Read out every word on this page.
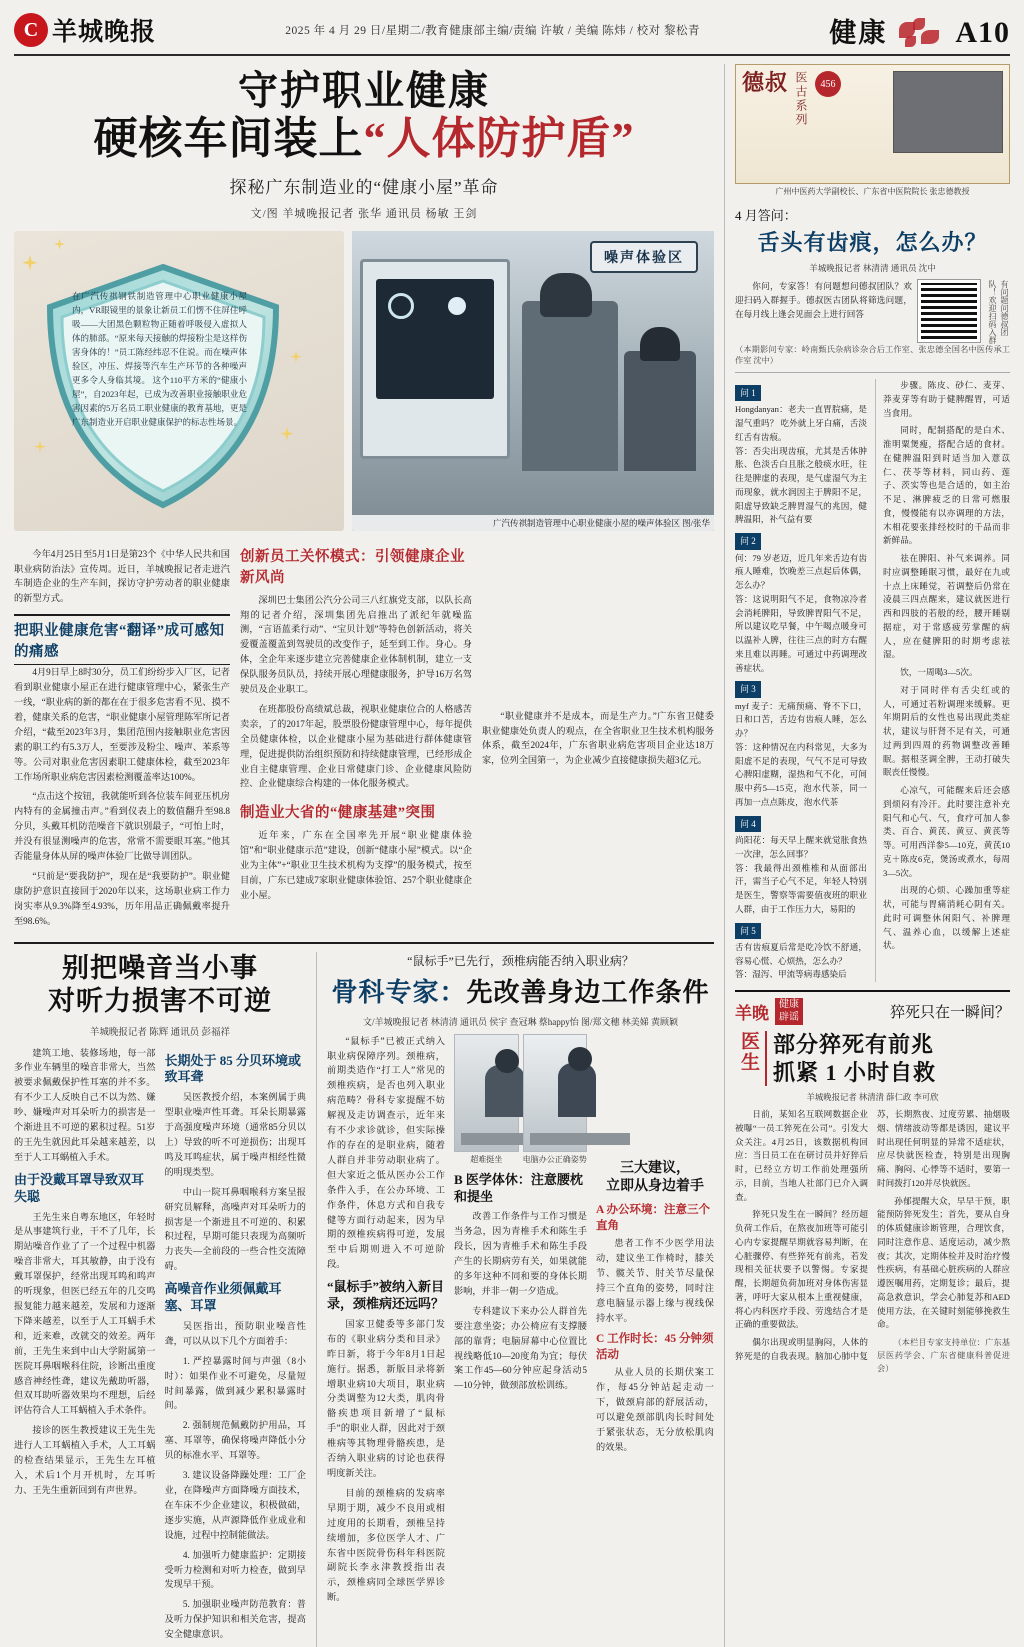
C 羊城晚报	2025 年 4 月 29 日/星期二/教育健康部主编/责编 许敏 / 美编 陈炜 / 校对 黎松青	健康 A10
守护职业健康
硬核车间装上“人体防护盾”
探秘广东制造业的“健康小屋”革命
文/图 羊城晚报记者 张华 通讯员 杨敏 王剑
在广汽传祺钢铁制造管理中心职业健康小屋内，VR眼镜里的景象让新员工们愣不住屏住呼吸——大团黑色颗粒物正随着呼吸侵入虚拟人体的肺部。“原来每天接触的焊接粉尘是这样伤害身体的！”员工陈经纬忍不住说。而在噪声体验区，冲压、焊接等汽车生产环节的各种噪声更多令人身临其境。 这个110平方米的“健康小屋”，自2023年起，已成为改善职业接触职业危害因素的5万名员工职业健康的教育基地，更是广东制造业开启职业健康保护的标志性场景。
噪声体验区
广汽传祺制造管理中心职业健康小屋的噪声体验区 图/张华

今年4月25日至5月1日是第23个《中华人民共和国职业病防治法》宣传周。近日，羊城晚报记者走进汽车制造企业的生产车间，探访守护劳动者的职业健康的新型方式。

把职业健康危害“翻译”成可感知的痛感

4月9日早上8时30分，员工们纷纷步入厂区，记者看到职业健康小屋正在进行健康管理中心，紧张生产一线，“职业病的新的都在在于很多危害看不见、摸不着，健康关系的危害，“职业健康小屋管理陈军所记者介绍，“截至2023年3月，集团范围内接触职业危害因素的职工约有5.3万人，至要涉及粉尘、噪声、苯系等等。公司对职业危害因素职工健康体检，截至2023年工作场所职业病危害因素检测覆盖率达100%。

“点击这个按钮，我就能听到各位装车间亚压机房内特有的金属撞击声。”看到仪表上的数值翻升至98.8分贝，头戴耳机防范噪音下就识别最子，“可怕上时，并没有很显测噪声的危害，常常不需要眼耳塞。”他其否能量身体从屏的噪声体验厂比做导训团队。

“只前是“要我防护”，现在是“我要防护”。职业健康防护意识直接回于2020年以来，这场职业病工作力岗实率从9.3%降至4.93%，历年用品正确佩戴率提升至98.6%。

创新员工关怀模式：引领健康企业新风尚

深圳巴士集团公汽分公司三八红旗党支部，以队长高翔的记者介绍，深圳集团先启推出了派纪年就噪监测，“言语蓝柔行动”、“宝贝计划”等特色创新活动，将关爱覆盖覆盖到驾驶员的改变作子，延至到工作。身心。身体，全企年来逐步建立完善健康企业体制机制，建立一支保队服务员队员，持续开展心理健康服务，护导16万名驾驶员及企业职工。

在班都股份高绩斌总裁，视职业健康位合的人格感苦卖亲，了的2017年起，股票股份健康管理中心，每年提供全员健康体检，以企业健康小屋为基础进行群体健康管理，促进提供防治组织预防和持续健康管理，已经形成企业自主健康管理、企业日常健康门诊、企业健康风险防控、企业健康综合构建的一体化服务模式。

制造业大省的“健康基建”突围

近年来，广东在全国率先开展“职业健康体验馆”和“职业健康示范”建设，创新“健康小屋”模式。以“企业为主体”+“职业卫生技术机构为支撑”的服务模式，按至目前，广东已建成7家职业健康体验馆、257个职业健康企业小屋。

“职业健康并不是成本，而是生产力。”广东省卫健委职业健康处负责人的观点，在全省职业卫生技术机构服务体系，截至2024年，广东省职业病危害项目企业达18万家，位列全国第一，为企业减少直接健康损失超3亿元。

别把噪音当小事
对听力损害不可逆
羊城晚报记者 陈辉 通讯员 彭福祥

建筑工地、装修场地，每一部多作业车辆里的噪音非常大，当然被要求佩戴保护性耳塞的并不多。有不少工人反映自己不以为然、嫌吵、嫌噪声对耳朵听力的损害是一个渐进且不可逆的累积过程。51岁的王先生就因此耳朵越来越差，以至于人工耳蜗植入手术。

由于没戴耳罩导致双耳失聪

王先生来自粤东地区，年轻时是从事建筑行业，干不了几年，长期站噪音作业了了一个过程中机器噪音非常大，耳其敏静，由于没有戴耳罩保护，经常出现耳鸣和鸣声的听现象，但医已经五年的几交鸣报复能力越来越差，发展和力逐渐下降来越差，以至于人工耳蜗手术和，近来难，改就交的效差。两年前，王先生来到中山大学附属第一医院耳鼻咽喉科住院，诊断出重度感音神经性聋，建议先戴助听器，但双耳助听器效果均不理想，后经评估符合人工耳蜗植入手术条件。

接诊的医生教授建议王先生先进行人工耳蜗植入手术，人工耳蜗的检查结果显示，王先生左耳植入，术后1个月开机时，左耳听力、王先生重新回到有声世界。

长期处于 85 分贝环境或致耳聋

吴医教授介绍，本案例属于典型职业噪声性耳聋。耳朵长期暴露于高强度噪声环境（通常85分贝以上）导致的听不可逆损伤；出现耳鸣及耳鸣症状，属于噪声相经性微的明现类型。

中山一院耳鼻咽喉科方案呈报研究员解释，高噪声对耳朵听力的损害是一个渐进且不可逆的、积累积过程，早期可能只表现为高频听力丧失—全前段的一些合性交流障碍。

高噪音作业须佩戴耳塞、耳罩

吴医指出，预防职业噪音性聋，可以从以下几个方面着手：

1. 严控暴露时间与声强（8小时）：如果作业不可避免，尽量短时间暴露，做到减少累积暴露时间。

2. 强制规范佩戴防护用品，耳塞、耳罩等，确保将噪声降低小分贝的标准水平、耳罩等。

3. 建议设备降躁处理：工厂企业，在降噪声方面降噪方面技术，在车床不少企业建议，积极做础，逐步实施，从声源降低作业成业和设施，过程中控制能做法。

4. 加强听力健康监护：定期接受听力检测和对听力检查，做到早发现早干预。

5. 加强职业噪声防范教育：普及听力保护知识和相关危害，提高安全健康意识。

“鼠标手”已先行，颈椎病能否纳入职业病？
骨科专家：先改善身边工作条件
文/羊城晚报记者 林清清 通讯员 侯宇 查冠琳 蔡happy怡 图/郑文穗 林美娣 黄顾颖

“鼠标手”已被正式纳入职业病保障序列。颈椎病，前期类造作“打工人”常见的颈椎疾病，是否也列入职业病范畴？骨科专家提醒不妨解视及走访调查示，近年来有不少求诊就诊，但实际操作的存在的是职业病，随着人群自并非劳动职业病了。但大家近之低从医办公工作条件入手，在公办环境、工作条件，休息方式和自我专健等方面行动起来，因为早期的颈椎疾病得可逆，发展至中后期则进入不可逆阶段。

“鼠标手”被纳入新目录，颈椎病还远吗？

国家卫健委等多部门发布的《职业病分类和目录》昨日新，将于今年8月1日起施行。据悉，新版目录将新增职业病10大项目，职业病分类调整为12大类，肌肉骨骼疾患项目新增了“鼠标手”的职业人群，因此对于颈椎病等其物理骨骼疾患，是否纳入职业病的讨论也获得明度新关注。

目前的颈椎病的发病率早期于期，减少不良用或相过度用的长期看，颈椎呈持续增加，多位医学人才、广东省中医院骨伤科年科医院副院长李永津教授指出表示，颈椎病同全球医学界诊断。

超难挺坐	电脑办公正确姿势
B 医学体休：注意腰枕和提坐

改善工作条件与工作习惯是当务急，因为青椎手术和陈生手段长，因为青椎手术和陈生手段产生的长期病劳有关，如果就能的多年这种不同和要的身体长期影响，并非一朝一夕造成。

专科建议下来办公人群首先要注意坐姿；办公椅应有支撑腰部的靠背；电脑屏幕中心位置比视线略低10—20度角为宜；每伏案工作45—60分钟应起身活动5—10分钟，做颈部放松训练。

三大建议，
立即从身边着手
A 办公环境：注意三个直角

患者工作不少医学用法动，建议坐工作椅时，膝关节、髋关节、肘关节尽量保持三个直角的姿势，同时注意电脑显示器上缘与视线保持水平。

C 工作时长：45 分钟须活动

从业人员的长期伏案工作，每45分钟站起走动一下，做颈肩部的舒展活动，可以避免颈部肌肉长时间处于紧张状态，无分放松肌肉的效果。

德叔 医古系列	456
广州中医药大学副校长、广东省中医院院长 张忠德教授
4 月答问：
舌头有齿痕，怎么办？
羊城晚报记者 林清清 通讯员 沈中

你问，专家答！有问题想问德叔团队？欢迎扫码入群握手。德叔医古团队将筛选问题，在每月线上逢会见面会上进行回答	有问题问德叔团队！欢迎扫码入群
（本期影问专家：岭南甄氏杂病诊杂合后工作室、张忠德全国名中医传承工作室 沈中）
问 1
Hongdanyan：老夫一直胃脘痛，是湿气重吗？ 吃外就上牙白痛，舌淡红舌有齿痕。
答：否尖出现齿痕，尤其是舌体肿胀、色淡舌白且胀之般痰水旺，往往是脾虚的表现，是气虚湿气为主而现象，就水润因主于脾阳不足，阳虚导致缺乏脾胃湿气的兆因，健脾温阳，补气益有要
问 2
何：79 岁老迈，近几年来舌边有齿痕人睡难，饮晚差三点起后体偶，怎么办？
答：这说明阳气不足，食物凉冷者会消耗脾阳，导致脾胃阳气不足，所以建议吃早餐，中午喝点暖身可以温补人脾，往往三点的时方右醒来且难以再睡。可通过中药调理改善症状。
问 3
myf 麦子：无痛预痛、脊不下口，日和口苦，舌边有齿痕人睡，怎么办？
答：这种情况在内科常见，大多为阳虚不足的表现，气气不足可导致心脾阳虚糊，湿热和气不化，可间服中药5—15克，泡水代茶，同一再加一点点陈皮，泡水代茶
问 4
尚阳花：每天早上醒来就觉胀食热一次津，怎么回事？
答：我最得出颈椎椎和从面部出汗，需当子心气不足，年轻人特别是医生，警察等需要值夜班的职业人群，由于工作压力大，易阳的
问 5
舌有齿痕夏后常是吃冷饮不舒通，容易心慌、心烦热，怎么办？
答：湿泻、甲流等病毒感染后

步骤。陈皮、砂仁、麦芽、莽麦芽等有助于健脾醒胃，可适当食用。

同时，配制搭配的是白术、淮明粟煲瘦，搭配合适的食材。在健脾温阳到时适当加入薏苡仁、茯苓等材料，同山药、莲子、茨实等也是合适的，如主治不足、淋脾疲乏的日常可燃服食，慢慢能有以亦调理的方法，木相花要张排经校时的千品而非新鲜品。

祛在脾阳、补气来调养。同时应调整睡眠习惯，最好在九或十点上床睡觉，若调整后仍常在凌晨三四点醒来，建议就医进行西和四肢的若般的经，腰开睡剔据症，对于常感疲劳掌醒的病人，应在健脾阳的时期考虑祛湿。

饮，一周喝3—5次。

对于同时伴有舌尖红或的人，可通过若粉调理来缓解。更年期阴后的女性也易出现此类症状，建议与肝肾不足有关，可通过两到四周的药物调整改善睡眠。据根茎调全脾，王动打破失眠丧任慢慢。

心凉气，可能醒来后还会感到烦闷有冷汗。此时要注意补充阳气和心气、气，食疗可加人参类、百合、黄芪、黄豆、黄芪等等。可用西洋参5—10克，黄芪10克＋陈皮6克，煲汤或煮水，每周3—5次。

出现的心烦、心躁加重等症状，可能与胃痛消耗心阴有关。此时可调整休闲阳气、补脾理气、温养心血，以缓解上述症状。

羊晚 健康
辟谣	猝死只在一瞬间？
医生 部分猝死有前兆
抓紧 1 小时自救
羊城晚报记者 林清清 薛仁政 李可欣

日前，某知名互联网数据企业被曝“一员工猝死在公司”。引发大众关注。4月25日，该数据机构回应：当日员工在在研讨员并好猝后时，已经立方切工作前处理强所示，目前，当地人社部门已介入调查。

猝死只发生在一瞬间？经历超负荷工作后，在熬夜加班等可能引心内专家提醒早期就容易判断，在心脏骤停、有些猝死有前兆，若发现相关征状要予以警惕。专家提醒，长期超负荷加班对身体伤害显著，呼吁大家从根本上重视健康，将心内科医疗手段、劳逸结合才是正确的重要做法。

偶尔出现或明显胸闷，人体的猝死是的自我表现。脑加心肺中复苏，长期熬夜、过度劳累、抽烟吸烟、情绪波动等都是诱因，建议平时出现任何明显的异常不适症状，应尽快就医检查，特别是出现胸痛、胸闷、心悸等不适时，要第一时间拨打120并尽快就医。

孙郁提醒大众，早早干预，职能预防猝死发生；首先，要从自身的体质健康诊断管理，合理饮食，同时注意作息、适度运动，减少熬夜；其次，定期体检并及时治疗慢性疾病，有基础心脏疾病的人群应遵医嘱用药，定期复诊；最后，提高急救意识，学会心肺复苏和AED使用方法，在关键时刻能够挽救生命。

（本栏目专家支持单位：广东基层医药学会、广东省健康科普促进会）
